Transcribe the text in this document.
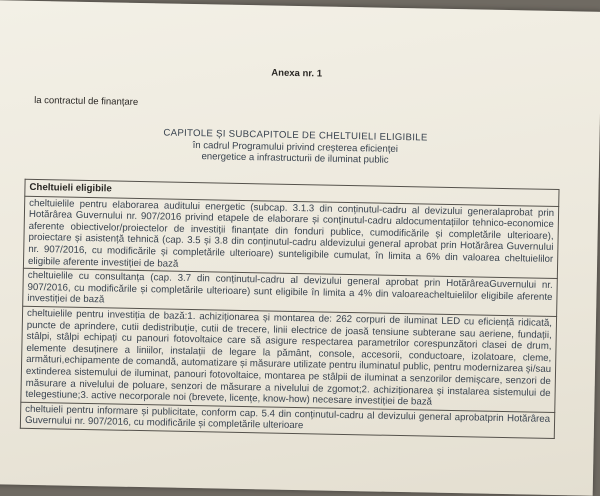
Anexa nr. 1
la contractul de finanțare
CAPITOLE ȘI SUBCAPITOLE DE CHELTUIELI ELIGIBILE
în cadrul Programului privind creșterea eficienței
energetice a infrastructurii de iluminat public
Cheltuieli eligibile
cheltuielile pentru elaborarea auditului energetic (subcap. 3.1.3 din conținutul-cadru al devizului generalaprobat prin Hotărârea Guvernului nr. 907/2016 privind etapele de elaborare și conținutul-cadru aldocumentațiilor tehnico-economice aferente obiectivelor/proiectelor de investiții finanțate din fonduri publice, cumodificările și completările ulterioare), proiectare și asistență tehnică (cap. 3.5 și 3.8 din conținutul-cadru aldevizului general aprobat prin Hotărârea Guvernului nr. 907/2016, cu modificările și completările ulterioare) sunteligibile cumulat, în limita a 6% din valoarea cheltuielilor eligibile aferente investiției de bază
cheltuielile cu consultanța (cap. 3.7 din conținutul-cadru al devizului general aprobat prin HotărâreaGuvernului nr. 907/2016, cu modificările și completările ulterioare) sunt eligibile în limita a 4% din valoareacheltuielilor eligibile aferente investiției de bază
cheltuielile pentru investiția de bază:1. achiziționarea și montarea de: 262 corpuri de iluminat LED cu eficiență ridicată, puncte de aprindere, cutii dedistribuție, cutii de trecere, linii electrice de joasă tensiune subterane sau aeriene, fundații, stâlpi, stâlpi echipați cu panouri fotovoltaice care să asigure respectarea parametrilor corespunzători clasei de drum, elemente desuținere a liniilor, instalații de legare la pământ, console, accesorii, conductoare, izolatoare, cleme, armături,echipamente de comandă, automatizare și măsurare utilizate pentru iluminatul public, pentru modernizarea și/sau extinderea sistemului de iluminat, panouri fotovoltaice, montarea pe stâlpii de iluminat a senzorilor demișcare, senzori de măsurare a nivelului de poluare, senzori de măsurare a nivelului de zgomot;2. achiziționarea și instalarea sistemului de telegestiune;3. active necorporale noi (brevete, licențe, know-how) necesare investiției de bază
cheltuieli pentru informare și publicitate, conform cap. 5.4 din conținutul-cadru al devizului general aprobatprin Hotărârea Guvernului nr. 907/2016, cu modificările și completările ulterioare
